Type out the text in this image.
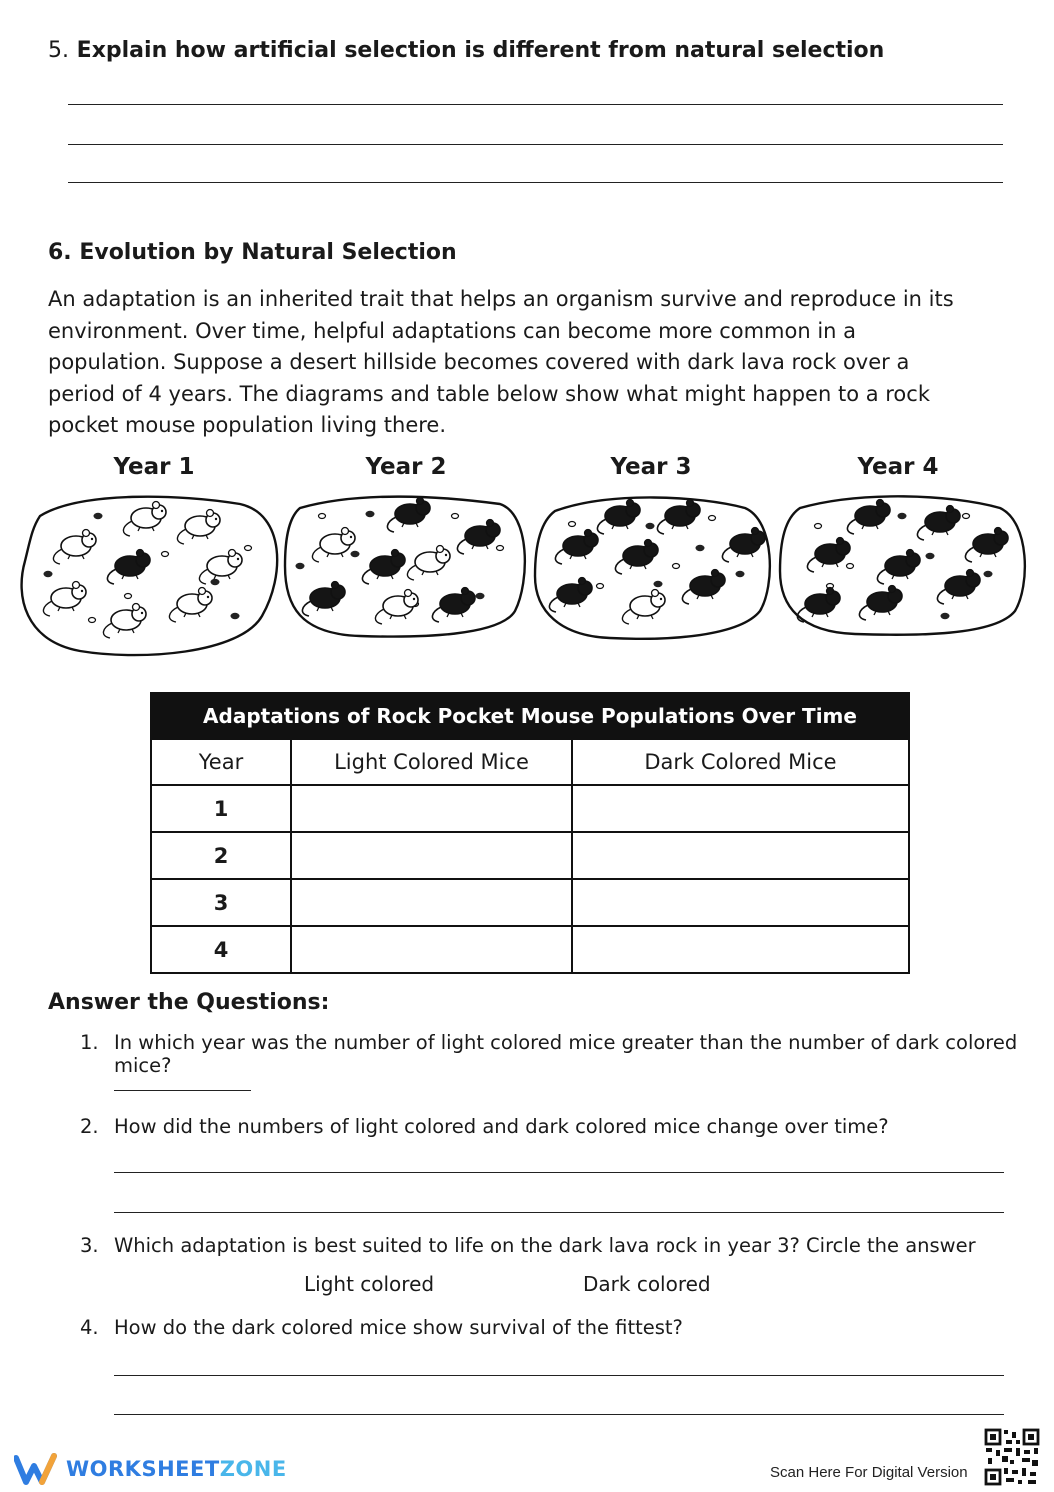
5. Explain how artificial selection is different from natural selection
6. Evolution by Natural Selection
An adaptation is an inherited trait that helps an organism survive and reproduce in its environment. Over time, helpful adaptations can become more common in a population. Suppose a desert hillside becomes covered with dark lava rock over a period of 4 years. The diagrams and table below show what might happen to a rock pocket mouse population living there.
Year 1	Year 2	Year 3	Year 4
Adaptations of Rock Pocket Mouse Populations Over Time		
Year	Light Colored Mice	Dark Colored Mice
1		
2		
3		
4		
Answer the Questions:
1. In which year was the number of light colored mice greater than the number of dark colored mice?
2. How did the numbers of light colored and dark colored mice change over time?
3. Which adaptation is best suited to life on the dark lava rock in year 3? Circle the answer
Light colored	Dark colored
4. How do the dark colored mice show survival of the fittest?
WORKSHEET ZONE	Scan Here For Digital Version
